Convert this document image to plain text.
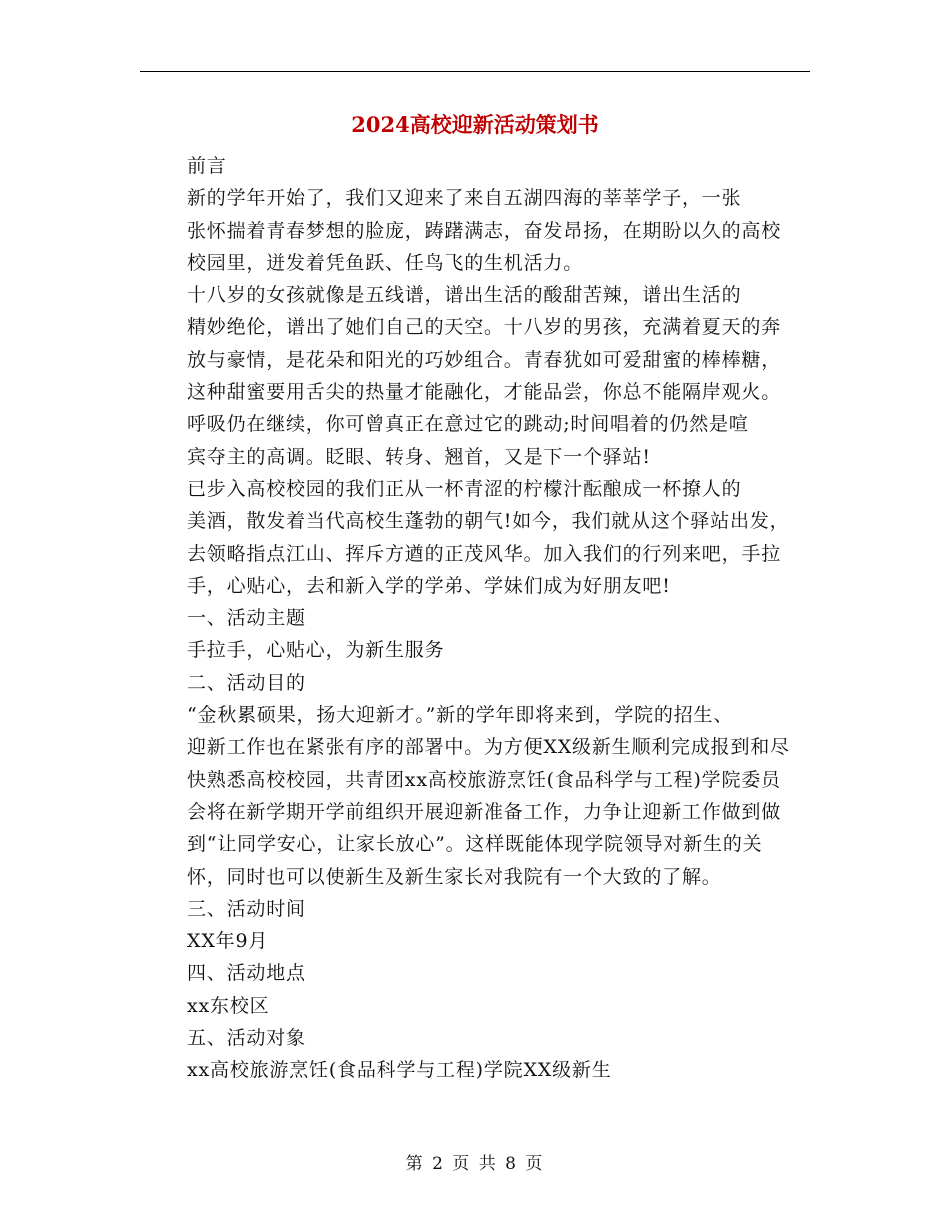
2024高校迎新活动策划书

前言

新的学年开始了，我们又迎来了来自五湖四海的莘莘学子，一张
张怀揣着青春梦想的脸庞，踌躇满志，奋发昂扬，在期盼以久的高校
校园里，迸发着凭鱼跃、任鸟飞的生机活力。

十八岁的女孩就像是五线谱，谱出生活的酸甜苦辣，谱出生活的
精妙绝伦，谱出了她们自己的天空。十八岁的男孩，充满着夏天的奔
放与豪情，是花朵和阳光的巧妙组合。青春犹如可爱甜蜜的棒棒糖，
这种甜蜜要用舌尖的热量才能融化，才能品尝，你总不能隔岸观火。

呼吸仍在继续，你可曾真正在意过它的跳动;时间唱着的仍然是喧
宾夺主的高调。眨眼、转身、翘首，又是下一个驿站!

已步入高校校园的我们正从一杯青涩的柠檬汁酝酿成一杯撩人的
美酒，散发着当代高校生蓬勃的朝气!如今，我们就从这个驿站出发，
去领略指点江山、挥斥方遒的正茂风华。加入我们的行列来吧，手拉
手，心贴心，去和新入学的学弟、学妹们成为好朋友吧!

一、活动主题

手拉手，心贴心，为新生服务

二、活动目的

“金秋累硕果，扬大迎新才。”新的学年即将来到，学院的招生、
迎新工作也在紧张有序的部署中。为方便XX级新生顺利完成报到和尽
快熟悉高校校园，共青团xx高校旅游烹饪(食品科学与工程)学院委员
会将在新学期开学前组织开展迎新准备工作，力争让迎新工作做到做
到“让同学安心，让家长放心”。这样既能体现学院领导对新生的关
怀，同时也可以使新生及新生家长对我院有一个大致的了解。

三、活动时间

XX年9月

四、活动地点

xx东校区

五、活动对象

xx高校旅游烹饪(食品科学与工程)学院XX级新生

第 2 页 共 8 页
